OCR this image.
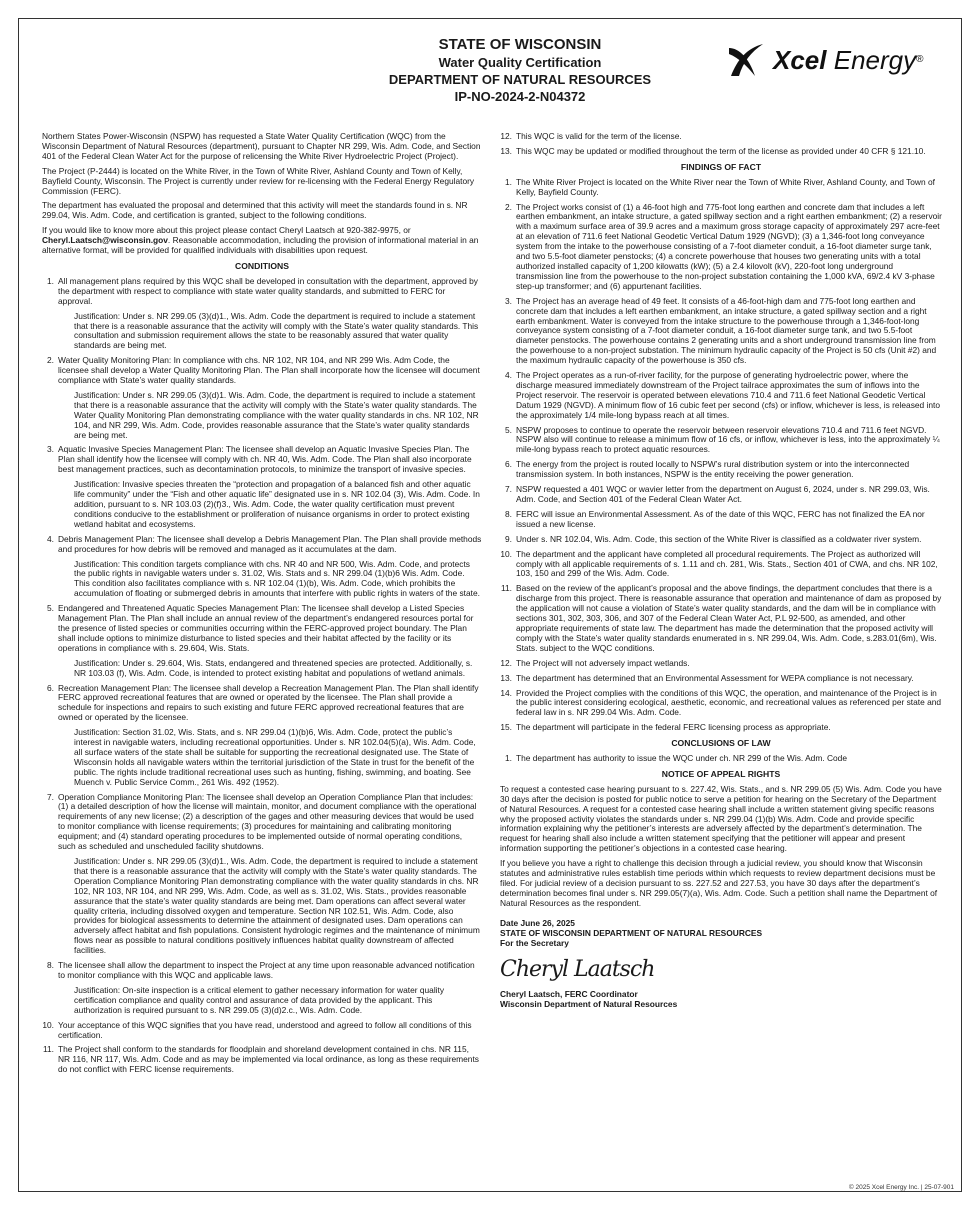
STATE OF WISCONSIN
Water Quality Certification
DEPARTMENT OF NATURAL RESOURCES
IP-NO-2024-2-N04372
Xcel Energy®

Northern States Power-Wisconsin (NSPW) has requested a State Water Quality Certification (WQC) from the Wisconsin Department of Natural Resources (department), pursuant to Chapter NR 299, Wis. Adm. Code, and Section 401 of the Federal Clean Water Act for the purpose of relicensing the White River Hydroelectric Project (Project).

The Project (P-2444) is located on the White River, in the Town of White River, Ashland County and Town of Kelly, Bayfield County, Wisconsin. The Project is currently under review for re-licensing with the Federal Energy Regulatory Commission (FERC).

The department has evaluated the proposal and determined that this activity will meet the standards found in s. NR 299.04, Wis. Adm. Code, and certification is granted, subject to the following conditions.

If you would like to know more about this project please contact Cheryl Laatsch at 920-382-9975, or Cheryl.Laatsch@wisconsin.gov. Reasonable accommodation, including the provision of informational material in an alternative format, will be provided for qualified individuals with disabilities upon request.

CONDITIONS
1. All management plans required by this WQC shall be developed in consultation with the department, approved by the department with respect to compliance with state water quality standards, and submitted to FERC for approval.
Justification: Under s. NR 299.05 (3)(d)1., Wis. Adm. Code the department is required to include a statement that there is a reasonable assurance that the activity will comply with the State’s water quality standards. This consultation and submission requirement allows the state to be reasonably assured that water quality standards are being met.
2. Water Quality Monitoring Plan: In compliance with chs. NR 102, NR 104, and NR 299 Wis. Adm Code, the licensee shall develop a Water Quality Monitoring Plan. The Plan shall incorporate how the licensee will document compliance with State’s water quality standards.
Justification: Under s. NR 299.05 (3)(d)1. Wis. Adm. Code, the department is required to include a statement that there is a reasonable assurance that the activity will comply with the State’s water quality standards. The Water Quality Monitoring Plan demonstrating compliance with the water quality standards in chs. NR 102, NR 104, and NR 299, Wis. Adm. Code, provides reasonable assurance that the State’s water quality standards are being met.
3. Aquatic Invasive Species Management Plan: The licensee shall develop an Aquatic Invasive Species Plan. The Plan shall identify how the licensee will comply with ch. NR 40, Wis. Adm. Code. The Plan shall also incorporate best management practices, such as decontamination protocols, to minimize the transport of invasive species.
Justification: Invasive species threaten the “protection and propagation of a balanced fish and other aquatic life community” under the “Fish and other aquatic life” designated use in s. NR 102.04 (3), Wis. Adm. Code. In addition, pursuant to s. NR 103.03 (2)(f)3., Wis. Adm. Code, the water quality certification must prevent conditions conducive to the establishment or proliferation of nuisance organisms in order to protect existing wetland habitat and ecosystems.
4. Debris Management Plan: The licensee shall develop a Debris Management Plan. The Plan shall provide methods and procedures for how debris will be removed and managed as it accumulates at the dam.
Justification: This condition targets compliance with chs. NR 40 and NR 500, Wis. Adm. Code, and protects the public rights in navigable waters under s. 31.02, Wis. Stats and s. NR 299.04 (1)(b)6 Wis. Adm. Code. This condition also facilitates compliance with s. NR 102.04 (1)(b), Wis. Adm. Code, which prohibits the accumulation of floating or submerged debris in amounts that interfere with public rights in waters of the state.
5. Endangered and Threatened Aquatic Species Management Plan: The licensee shall develop a Listed Species Management Plan. The Plan shall include an annual review of the department’s endangered resources portal for the presence of listed species or communities occurring within the FERC-approved project boundary. The Plan shall include options to minimize disturbance to listed species and their habitat affected by the facility or its operations in compliance with s. 29.604, Wis. Stats.
Justification: Under s. 29.604, Wis. Stats, endangered and threatened species are protected. Additionally, s. NR 103.03 (f), Wis. Adm. Code, is intended to protect existing habitat and populations of wetland animals.
6. Recreation Management Plan: The licensee shall develop a Recreation Management Plan. The Plan shall identify FERC approved recreational features that are owned or operated by the licensee. The Plan shall provide a schedule for inspections and repairs to such existing and future FERC approved recreational features that are owned or operated by the licensee.
Justification: Section 31.02, Wis. Stats, and s. NR 299.04 (1)(b)6, Wis. Adm. Code, protect the public’s interest in navigable waters, including recreational opportunities. Under s. NR 102.04(5)(a), Wis. Adm. Code, all surface waters of the state shall be suitable for supporting the recreational designated use. The State of Wisconsin holds all navigable waters within the territorial jurisdiction of the State in trust for the benefit of the public. The rights include traditional recreational uses such as hunting, fishing, swimming, and boating. See Muench v. Public Service Comm., 261 Wis. 492 (1952).
7. Operation Compliance Monitoring Plan: The licensee shall develop an Operation Compliance Plan that includes: (1) a detailed description of how the license will maintain, monitor, and document compliance with the operational requirements of any new license; (2) a description of the gages and other measuring devices that would be used to monitor compliance with license requirements; (3) procedures for maintaining and calibrating monitoring equipment; and (4) standard operating procedures to be implemented outside of normal operating conditions, such as scheduled and unscheduled facility shutdowns.
Justification: Under s. NR 299.05 (3)(d)1., Wis. Adm. Code, the department is required to include a statement that there is a reasonable assurance that the activity will comply with the State’s water quality standards. The Operation Compliance Monitoring Plan demonstrating compliance with the water quality standards in chs. NR 102, NR 103, NR 104, and NR 299, Wis. Adm. Code, as well as s. 31.02, Wis. Stats., provides reasonable assurance that the state’s water quality standards are being met. Dam operations can affect several water quality criteria, including dissolved oxygen and temperature. Section NR 102.51, Wis. Adm. Code, also provides for biological assessments to determine the attainment of designated uses. Dam operations can adversely affect habitat and fish populations. Consistent hydrologic regimes and the maintenance of minimum flows near as possible to natural conditions positively influences habitat quality downstream of affected facilities.
8. The licensee shall allow the department to inspect the Project at any time upon reasonable advanced notification to monitor compliance with this WQC and applicable laws.
Justification: On-site inspection is a critical element to gather necessary information for water quality certification compliance and quality control and assurance of data provided by the applicant. This authorization is required pursuant to s. NR 299.05 (3)(d)2.c., Wis. Adm. Code.
10. Your acceptance of this WQC signifies that you have read, understood and agreed to follow all conditions of this certification.
11. The Project shall conform to the standards for floodplain and shoreland development contained in chs. NR 115, NR 116, NR 117, Wis. Adm. Code and as may be implemented via local ordinance, as long as these requirements do not conflict with FERC license requirements.
12. This WQC is valid for the term of the license.
13. This WQC may be updated or modified throughout the term of the license as provided under 40 CFR § 121.10.
FINDINGS OF FACT
1. The White River Project is located on the White River near the Town of White River, Ashland County, and Town of Kelly, Bayfield County.
2. The Project works consist of (1) a 46-foot high and 775-foot long earthen and concrete dam that includes a left earthen embankment, an intake structure, a gated spillway section and a right earthen embankment; (2) a reservoir with a maximum surface area of 39.9 acres and a maximum gross storage capacity of approximately 297 acre-feet at an elevation of 711.6 feet National Geodetic Vertical Datum 1929 (NGVD); (3) a 1,346-foot long conveyance system from the intake to the powerhouse consisting of a 7-foot diameter conduit, a 16-foot diameter surge tank, and two 5.5-foot diameter penstocks; (4) a concrete powerhouse that houses two generating units with a total authorized installed capacity of 1,200 kilowatts (kW); (5) a 2.4 kilovolt (kV), 220-foot long underground transmission line from the powerhouse to the non-project substation containing the 1,000 kVA, 69/2.4 kV 3-phase step-up transformer; and (6) appurtenant facilities.
3. The Project has an average head of 49 feet. It consists of a 46-foot-high dam and 775-foot long earthen and concrete dam that includes a left earthen embankment, an intake structure, a gated spillway section and a right earth embankment. Water is conveyed from the intake structure to the powerhouse through a 1,346-foot-long conveyance system consisting of a 7-foot diameter conduit, a 16-foot diameter surge tank, and two 5.5-foot diameter penstocks. The powerhouse contains 2 generating units and a short underground transmission line from the powerhouse to a non-project substation. The minimum hydraulic capacity of the Project is 50 cfs (Unit #2) and the maximum hydraulic capacity of the powerhouse is 350 cfs.
4. The Project operates as a run-of-river facility, for the purpose of generating hydroelectric power, where the discharge measured immediately downstream of the Project tailrace approximates the sum of inflows into the Project reservoir. The reservoir is operated between elevations 710.4 and 711.6 feet National Geodetic Vertical Datum 1929 (NGVD). A minimum flow of 16 cubic feet per second (cfs) or inflow, whichever is less, is released into the approximately 1/4 mile-long bypass reach at all times.
5. NSPW proposes to continue to operate the reservoir between reservoir elevations 710.4 and 711.6 feet NGVD. NSPW also will continue to release a minimum flow of 16 cfs, or inflow, whichever is less, into the approximately ¼ mile-long bypass reach to protect aquatic resources.
6. The energy from the project is routed locally to NSPW’s rural distribution system or into the interconnected transmission system. In both instances, NSPW is the entity receiving the power generation.
7. NSPW requested a 401 WQC or wavier letter from the department on August 6, 2024, under s. NR 299.03, Wis. Adm. Code, and Section 401 of the Federal Clean Water Act.
8. FERC will issue an Environmental Assessment. As of the date of this WQC, FERC has not finalized the EA nor issued a new license.
9. Under s. NR 102.04, Wis. Adm. Code, this section of the White River is classified as a coldwater river system.
10. The department and the applicant have completed all procedural requirements. The Project as authorized will comply with all applicable requirements of s. 1.11 and ch. 281, Wis. Stats., Section 401 of CWA, and chs. NR 102, 103, 150 and 299 of the Wis. Adm. Code.
11. Based on the review of the applicant’s proposal and the above findings, the department concludes that there is a discharge from this project. There is reasonable assurance that operation and maintenance of dam as proposed by the application will not cause a violation of State’s water quality standards, and the dam will be in compliance with sections 301, 302, 303, 306, and 307 of the Federal Clean Water Act, P.L 92-500, as amended, and other appropriate requirements of state law. The department has made the determination that the proposed activity will comply with the State’s water quality standards enumerated in s. NR 299.04, Wis. Adm. Code, s.283.01(6m), Wis. Stats. subject to the WQC conditions.
12. The Project will not adversely impact wetlands.
13. The department has determined that an Environmental Assessment for WEPA compliance is not necessary.
14. Provided the Project complies with the conditions of this WQC, the operation, and maintenance of the Project is in the public interest considering ecological, aesthetic, economic, and recreational values as referenced per state and federal law in s. NR 299.04 Wis. Adm. Code.
15. The department will participate in the federal FERC licensing process as appropriate.
CONCLUSIONS OF LAW
1. The department has authority to issue the WQC under ch. NR 299 of the Wis. Adm. Code
NOTICE OF APPEAL RIGHTS

To request a contested case hearing pursuant to s. 227.42, Wis. Stats., and s. NR 299.05 (5) Wis. Adm. Code you have 30 days after the decision is posted for public notice to serve a petition for hearing on the Secretary of the Department of Natural Resources. A request for a contested case hearing shall include a written statement giving specific reasons why the proposed activity violates the standards under s. NR 299.04 (1)(b) Wis. Adm. Code and provide specific information explaining why the petitioner’s interests are adversely affected by the department’s determination. The request for hearing shall also include a written statement specifying that the petitioner will appear and present information supporting the petitioner’s objections in a contested case hearing.

If you believe you have a right to challenge this decision through a judicial review, you should know that Wisconsin statutes and administrative rules establish time periods within which requests to review department decisions must be filed. For judicial review of a decision pursuant to ss. 227.52 and 227.53, you have 30 days after the department’s determination becomes final under s. NR 299.05(7)(a), Wis. Adm. Code. Such a petition shall name the Department of Natural Resources as the respondent.

Date June 26, 2025
STATE OF WISCONSIN DEPARTMENT OF NATURAL RESOURCES
For the Secretary
Cheryl Laatsch
Cheryl Laatsch, FERC Coordinator
Wisconsin Department of Natural Resources
© 2025 Xcel Energy Inc. | 25-07-901
